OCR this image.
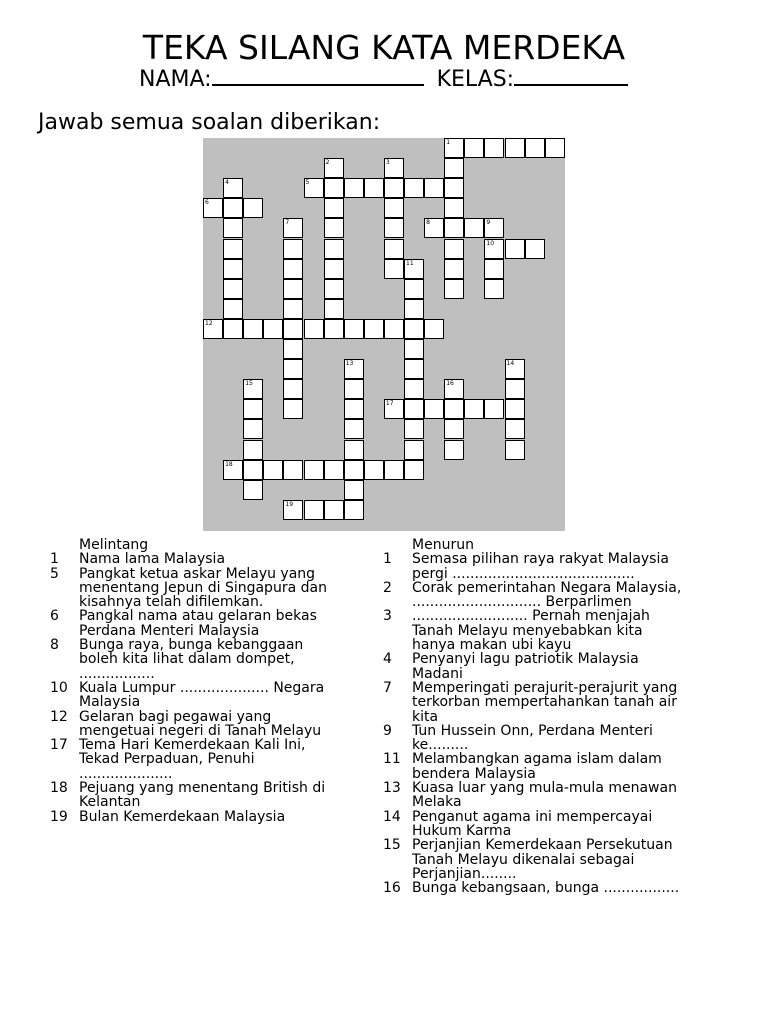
TEKA SILANG KATA MERDEKA
NAMA:	KELAS:
Jawab semua soalan diberikan:
1
5
6
8	9
10
12
17
18
19
2	3
4
7
11
13	14
15	16
Melintang
1	Nama lama Malaysia
5	Pangkat ketua askar Melayu yang menentang Jepun di Singapura dan kisahnya telah difilemkan.
6	Pangkal nama atau gelaran bekas Perdana Menteri Malaysia
8	Bunga raya, bunga kebanggaan boleh kita lihat dalam dompet, .................
10 Kuala Lumpur .................... Negara Malaysia
12 Gelaran bagi pegawai yang mengetuai negeri di Tanah Melayu
17 Tema Hari Kemerdekaan Kali Ini, Tekad Perpaduan, Penuhi .....................
18 Pejuang yang menentang British di Kelantan
19 Bulan Kemerdekaan Malaysia
Menurun
1	Semasa pilihan raya rakyat Malaysia pergi .........................................
2	Corak pemerintahan Negara Malaysia, ............................. Berparlimen
3	.......................... Pernah menjajah Tanah Melayu menyebabkan kita hanya makan ubi kayu
4	Penyanyi lagu patriotik Malaysia Madani
7	Memperingati perajurit-perajurit yang terkorban mempertahankan tanah air kita
9	Tun Hussein Onn, Perdana Menteri ke.........
11 Melambangkan agama islam dalam bendera Malaysia
13 Kuasa luar yang mula-mula menawan Melaka
14 Penganut agama ini mempercayai Hukum Karma
15 Perjanjian Kemerdekaan Persekutuan Tanah Melayu dikenalai sebagai Perjanjian........
16 Bunga kebangsaan, bunga .................
